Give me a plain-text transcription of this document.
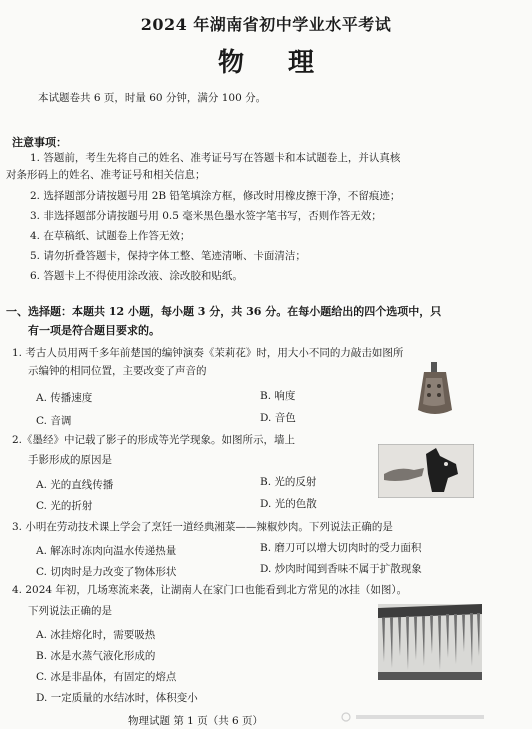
2024 年湖南省初中学业水平考试
物理
本试题卷共 6 页，时量 60 分钟，满分 100 分。
注意事项：
1. 答题前，考生先将自己的姓名、准考证号写在答题卡和本试题卷上，并认真核
对条形码上的姓名、准考证号和相关信息；
2. 选择题部分请按题号用 2B 铅笔填涂方框，修改时用橡皮擦干净，不留痕迹；
3. 非选择题部分请按题号用 0.5 毫米黑色墨水签字笔书写，否则作答无效；
4. 在草稿纸、试题卷上作答无效；
5. 请勿折叠答题卡，保持字体工整、笔迹清晰、卡面清洁；
6. 答题卡上不得使用涂改液、涂改胶和贴纸。
一、选择题：本题共 12 小题，每小题 3 分，共 36 分。在每小题给出的四个选项中，只
有一项是符合题目要求的。
1. 考古人员用两千多年前楚国的编钟演奏《茉莉花》时，用大小不同的力敲击如图所
示编钟的相同位置，主要改变了声音的
A. 传播速度	B. 响度
C. 音调	D. 音色
2.《墨经》中记载了影子的形成等光学现象。如图所示，墙上
手影形成的原因是
A. 光的直线传播	B. 光的反射
C. 光的折射	D. 光的色散
3. 小明在劳动技术课上学会了烹饪一道经典湘菜——辣椒炒肉。下列说法正确的是
A. 解冻时冻肉向温水传递热量	B. 磨刀可以增大切肉时的受力面积
C. 切肉时是力改变了物体形状	D. 炒肉时闻到香味不属于扩散现象
4. 2024 年初，几场寒流来袭，让湖南人在家门口也能看到北方常见的冰挂（如图）。
下列说法正确的是
A. 冰挂熔化时，需要吸热
B. 冰是水蒸气液化形成的
C. 冰是非晶体，有固定的熔点
D. 一定质量的水结冰时，体积变小
物理试题 第 1 页（共 6 页）
